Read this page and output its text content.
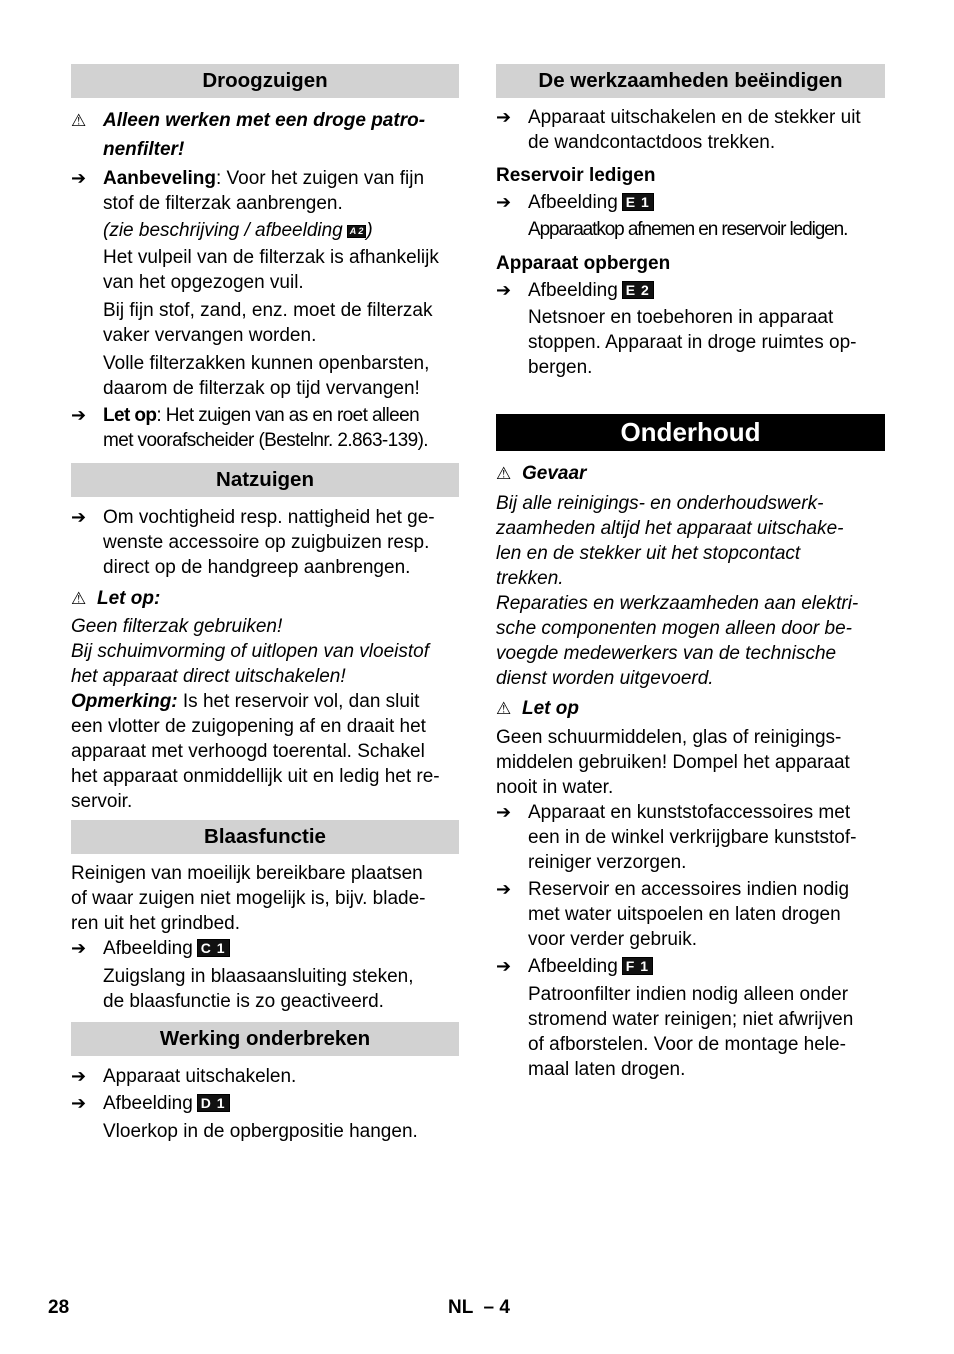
Droogzuigen
⚠ Alleen werken met een droge patro-
nenfilter!
➔ Aanbeveling: Voor het zuigen van fijn
stof de filterzak aanbrengen.
(zie beschrijving / afbeelding A 2 )
Het vulpeil van de filterzak is afhankelijk
van het opgezogen vuil.
Bij fijn stof, zand, enz. moet de filterzak
vaker vervangen worden.
Volle filterzakken kunnen openbarsten,
daarom de filterzak op tijd vervangen!
➔ Let op: Het zuigen van as en roet alleen
met voorafscheider (Bestelnr. 2.863-139).
Natzuigen
➔ Om vochtigheid resp. nattigheid het ge-
wenste accessoire op zuigbuizen resp.
direct op de handgreep aanbrengen.
⚠ Let op:
Geen filterzak gebruiken!
Bij schuimvorming of uitlopen van vloeistof
het apparaat direct uitschakelen!
Opmerking: Is het reservoir vol, dan sluit
een vlotter de zuigopening af en draait het
apparaat met verhoogd toerental. Schakel
het apparaat onmiddellijk uit en ledig het re-
servoir.
Blaasfunctie
Reinigen van moeilijk bereikbare plaatsen
of waar zuigen niet mogelijk is, bijv. blade-
ren uit het grindbed.
➔ Afbeelding C 1
Zuigslang in blaasaansluiting steken,
de blaasfunctie is zo geactiveerd.
Werking onderbreken
➔ Apparaat uitschakelen.
➔ Afbeelding D 1
Vloerkop in de opbergpositie hangen.
De werkzaamheden beëindigen
➔ Apparaat uitschakelen en de stekker uit
de wandcontactdoos trekken.
Reservoir ledigen
➔ Afbeelding E 1
Apparaatkop afnemen en reservoir ledigen.
Apparaat opbergen
➔ Afbeelding E 2
Netsnoer en toebehoren in apparaat
stoppen. Apparaat in droge ruimtes op-
bergen.
Onderhoud
⚠ Gevaar
Bij alle reinigings- en onderhoudswerk-
zaamheden altijd het apparaat uitschake-
len en de stekker uit het stopcontact
trekken.
Reparaties en werkzaamheden aan elektri-
sche componenten mogen alleen door be-
voegde medewerkers van de technische
dienst worden uitgevoerd.
⚠ Let op
Geen schuurmiddelen, glas of reinigings-
middelen gebruiken! Dompel het apparaat
nooit in water.
➔ Apparaat en kunststofaccessoires met
een in de winkel verkrijgbare kunststof-
reiniger verzorgen.
➔ Reservoir en accessoires indien nodig
met water uitspoelen en laten drogen
voor verder gebruik.
➔ Afbeelding F 1
Patroonfilter indien nodig alleen onder
stromend water reinigen; niet afwrijven
of afborstelen. Voor de montage hele-
maal laten drogen.
28	NL  – 4
